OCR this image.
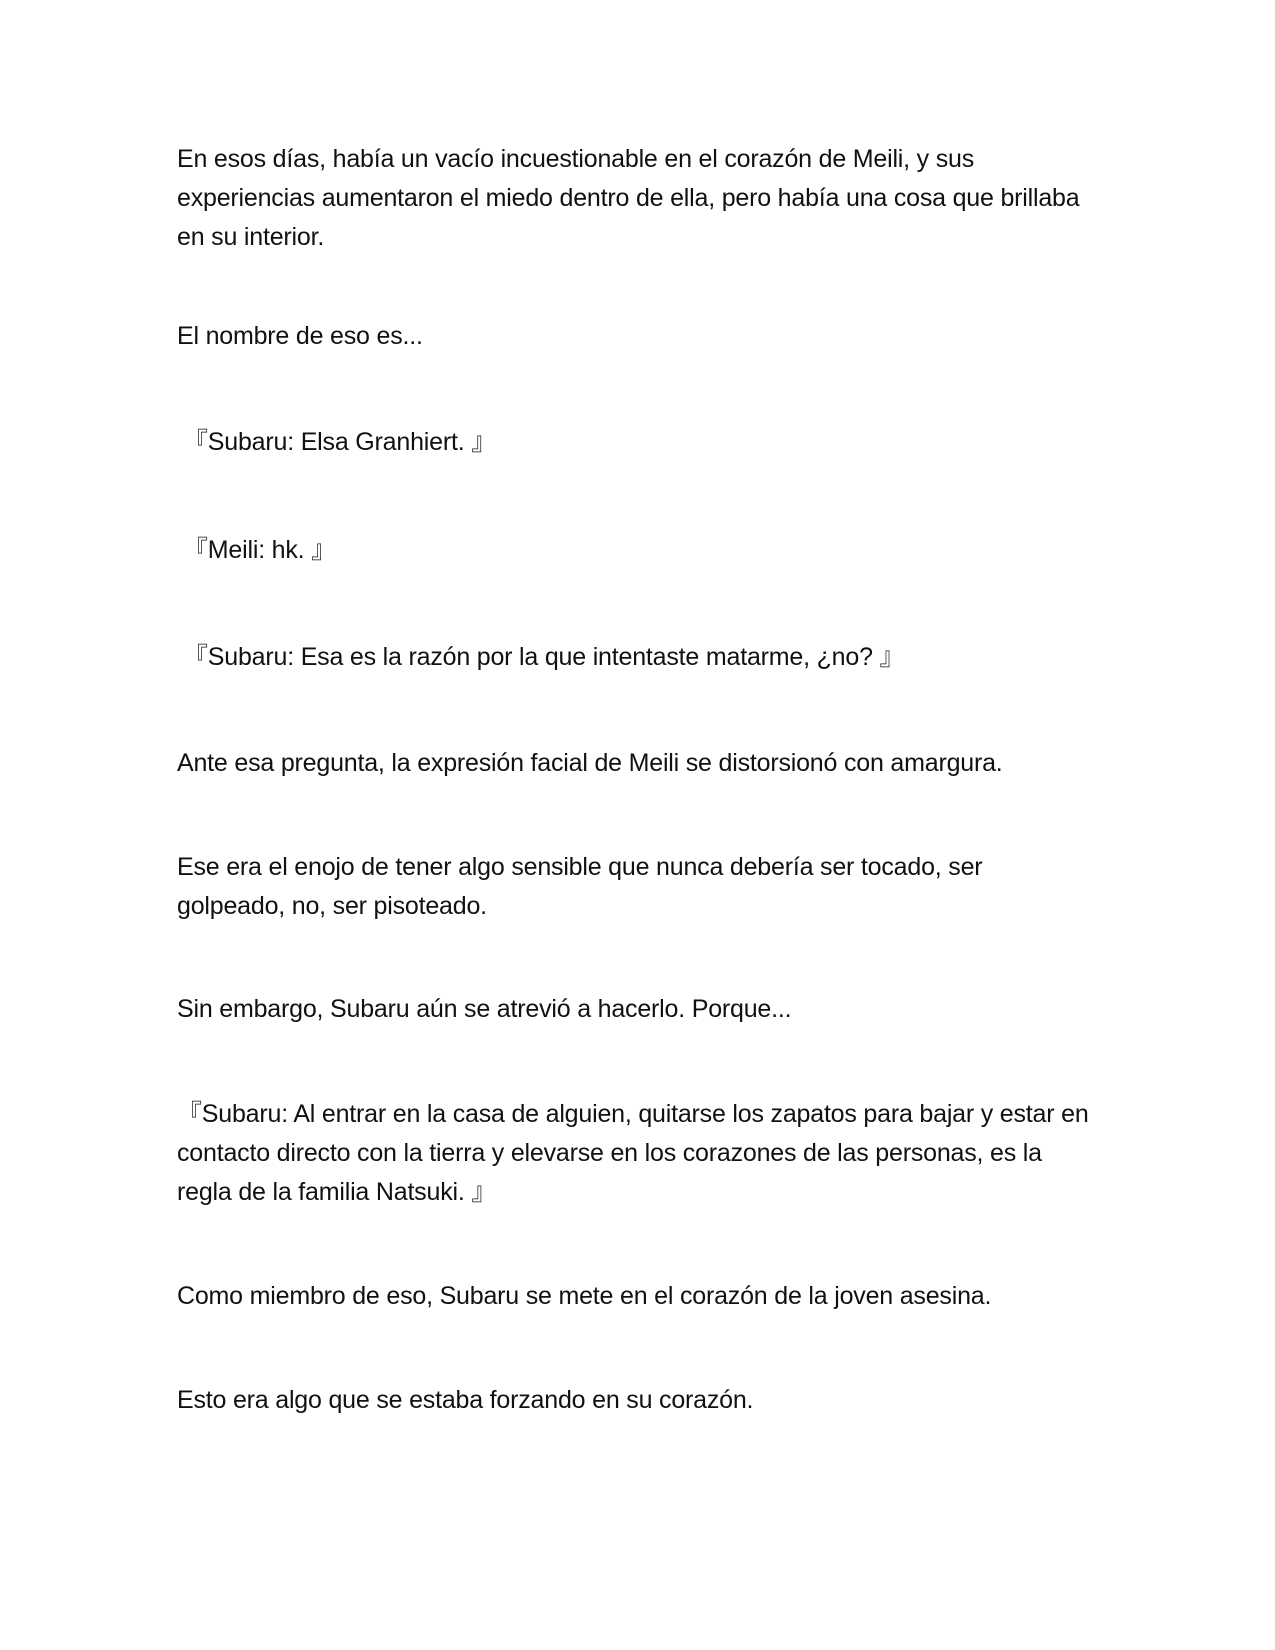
En esos días, había un vacío incuestionable en el corazón de Meili, y sus experiencias aumentaron el miedo dentro de ella, pero había una cosa que brillaba en su interior.

El nombre de eso es...

『Subaru: Elsa Granhiert. 』

『Meili: hk. 』

『Subaru: Esa es la razón por la que intentaste matarme, ¿no? 』

Ante esa pregunta, la expresión facial de Meili se distorsionó con amargura.

Ese era el enojo de tener algo sensible que nunca debería ser tocado, ser golpeado, no, ser pisoteado.

Sin embargo, Subaru aún se atrevió a hacerlo. Porque...

『Subaru: Al entrar en la casa de alguien, quitarse los zapatos para bajar y estar en contacto directo con la tierra y elevarse en los corazones de las personas, es la regla de la familia Natsuki. 』

Como miembro de eso, Subaru se mete en el corazón de la joven asesina.

Esto era algo que se estaba forzando en su corazón.
